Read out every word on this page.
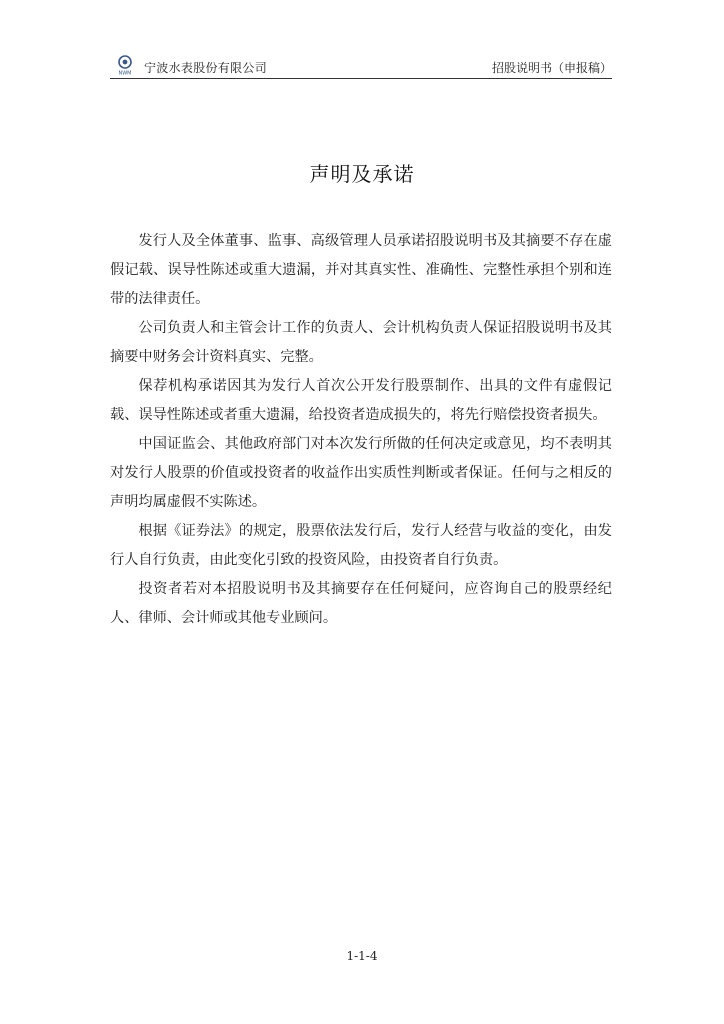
NWM 宁波水表股份有限公司	招股说明书（申报稿）
声明及承诺

发行人及全体董事、监事、高级管理人员承诺招股说明书及其摘要不存在虚假记载、误导性陈述或重大遗漏，并对其真实性、准确性、完整性承担个别和连带的法律责任。

公司负责人和主管会计工作的负责人、会计机构负责人保证招股说明书及其摘要中财务会计资料真实、完整。

保荐机构承诺因其为发行人首次公开发行股票制作、出具的文件有虚假记载、误导性陈述或者重大遗漏，给投资者造成损失的，将先行赔偿投资者损失。

中国证监会、其他政府部门对本次发行所做的任何决定或意见，均不表明其对发行人股票的价值或投资者的收益作出实质性判断或者保证。任何与之相反的声明均属虚假不实陈述。

根据《证券法》的规定，股票依法发行后，发行人经营与收益的变化，由发行人自行负责，由此变化引致的投资风险，由投资者自行负责。

投资者若对本招股说明书及其摘要存在任何疑问，应咨询自己的股票经纪人、律师、会计师或其他专业顾问。

1-1-4
